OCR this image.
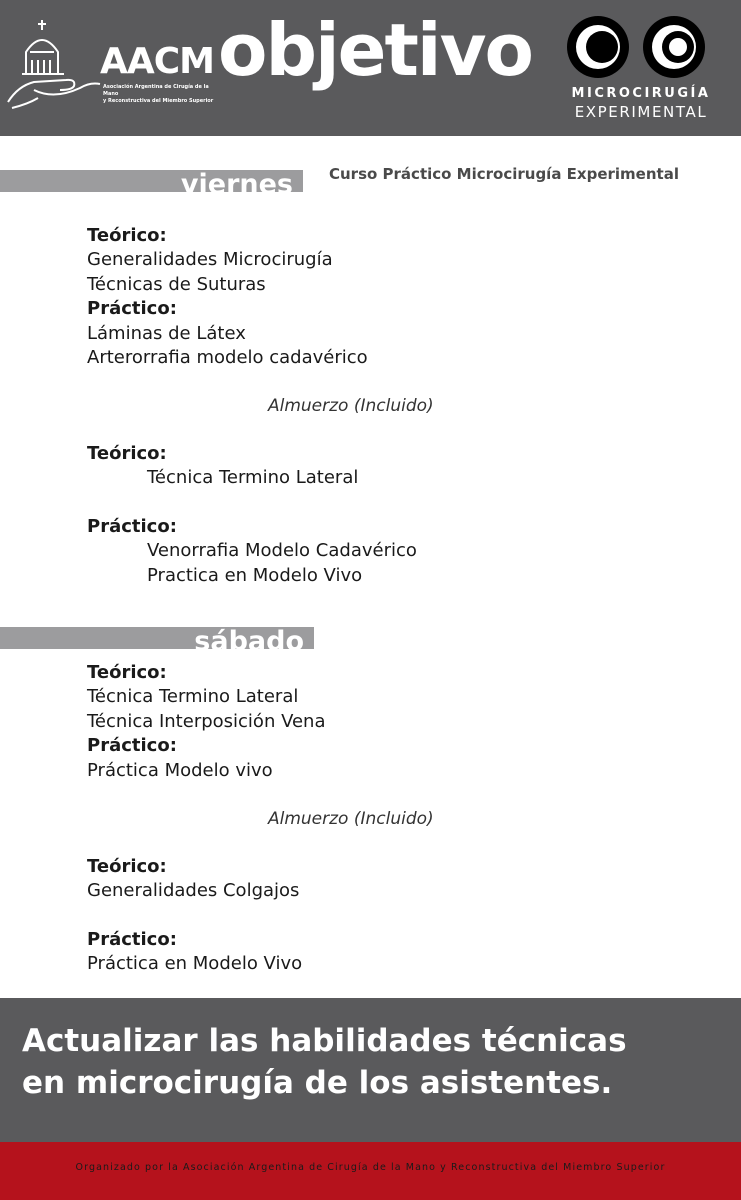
AACM
Asociación Argentina de Cirugía de la Mano
y Reconstructiva del Miembro Superior
objetivo
MICROCIRUGÍA
EXPERIMENTAL
viernes Curso Práctico Microcirugía Experimental
Teórico:
Generalidades Microcirugía
Técnicas de Suturas
Práctico:
Láminas de Látex
Arterorrafia modelo cadavérico
Almuerzo (Incluido)
Teórico:
Técnica Termino Lateral
Práctico:
Venorrafia Modelo Cadavérico
Practica en Modelo Vivo
sábado
Teórico:
Técnica Termino Lateral
Técnica Interposición Vena
Práctico:
Práctica Modelo vivo
Almuerzo (Incluido)
Teórico:
Generalidades Colgajos
Práctico:
Práctica en Modelo Vivo
Actualizar las habilidades técnicas
en microcirugía de los asistentes.
Organizado por la Asociación Argentina de Cirugía de la Mano y Reconstructiva del Miembro Superior
